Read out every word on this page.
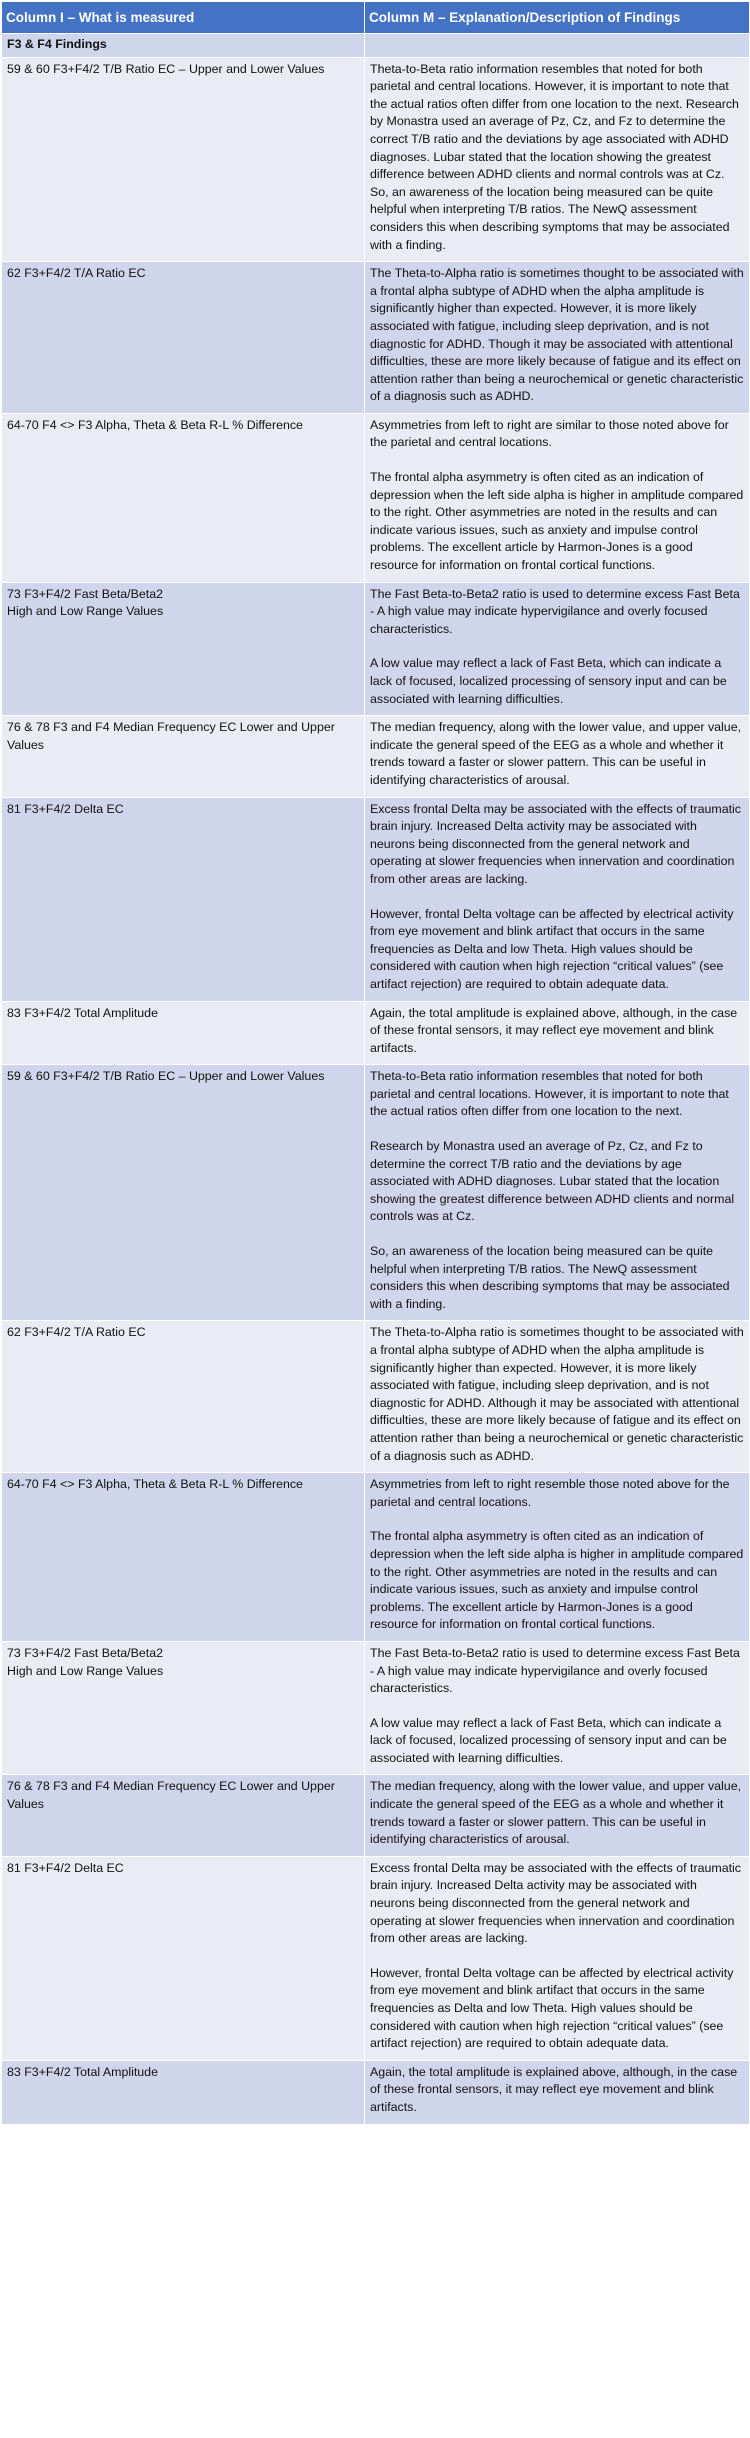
Column I – What is measured	Column M – Explanation/Description of Findings
F3 & F4 Findings	
59 & 60 F3+F4/2 T/B Ratio EC – Upper and Lower Values	Theta-to-Beta ratio information resembles that noted for both parietal and central locations. However, it is important to note that the actual ratios often differ from one location to the next. Research by Monastra used an average of Pz, Cz, and Fz to determine the correct T/B ratio and the deviations by age associated with ADHD diagnoses. Lubar stated that the location showing the greatest difference between ADHD clients and normal controls was at Cz. So, an awareness of the location being measured can be quite helpful when interpreting T/B ratios. The NewQ assessment considers this when describing symptoms that may be associated with a finding.

62 F3+F4/2 T/A Ratio EC	The Theta-to-Alpha ratio is sometimes thought to be associated with a frontal alpha subtype of ADHD when the alpha amplitude is significantly higher than expected. However, it is more likely associated with fatigue, including sleep deprivation, and is not diagnostic for ADHD. Though it may be associated with attentional difficulties, these are more likely because of fatigue and its effect on attention rather than being a neurochemical or genetic characteristic of a diagnosis such as ADHD.

64-70 F4 <> F3 Alpha, Theta & Beta R-L % Difference	Asymmetries from left to right are similar to those noted above for the parietal and central locations.
The frontal alpha asymmetry is often cited as an indication of depression when the left side alpha is higher in amplitude compared to the right. Other asymmetries are noted in the results and can indicate various issues, such as anxiety and impulse control problems. The excellent article by Harmon-Jones is a good resource for information on frontal cortical functions.

73 F3+F4/2 Fast Beta/Beta2
High and Low Range Values	The Fast Beta-to-Beta2 ratio is used to determine excess Fast Beta - A high value may indicate hypervigilance and overly focused characteristics.
A low value may reflect a lack of Fast Beta, which can indicate a lack of focused, localized processing of sensory input and can be associated with learning difficulties.

76 & 78 F3 and F4 Median Frequency EC Lower and Upper Values	The median frequency, along with the lower value, and upper value, indicate the general speed of the EEG as a whole and whether it trends toward a faster or slower pattern. This can be useful in identifying characteristics of arousal.

81 F3+F4/2 Delta EC	Excess frontal Delta may be associated with the effects of traumatic brain injury. Increased Delta activity may be associated with neurons being disconnected from the general network and operating at slower frequencies when innervation and coordination from other areas are lacking.
However, frontal Delta voltage can be affected by electrical activity from eye movement and blink artifact that occurs in the same frequencies as Delta and low Theta. High values should be considered with caution when high rejection “critical values” (see artifact rejection) are required to obtain adequate data.

83 F3+F4/2 Total Amplitude	Again, the total amplitude is explained above, although, in the case of these frontal sensors, it may reflect eye movement and blink artifacts.

59 & 60 F3+F4/2 T/B Ratio EC – Upper and Lower Values	Theta-to-Beta ratio information resembles that noted for both parietal and central locations. However, it is important to note that the actual ratios often differ from one location to the next.
Research by Monastra used an average of Pz, Cz, and Fz to determine the correct T/B ratio and the deviations by age associated with ADHD diagnoses. Lubar stated that the location showing the greatest difference between ADHD clients and normal controls was at Cz.
So, an awareness of the location being measured can be quite helpful when interpreting T/B ratios. The NewQ assessment considers this when describing symptoms that may be associated with a finding.

62 F3+F4/2 T/A Ratio EC	The Theta-to-Alpha ratio is sometimes thought to be associated with a frontal alpha subtype of ADHD when the alpha amplitude is significantly higher than expected. However, it is more likely associated with fatigue, including sleep deprivation, and is not diagnostic for ADHD. Although it may be associated with attentional difficulties, these are more likely because of fatigue and its effect on attention rather than being a neurochemical or genetic characteristic of a diagnosis such as ADHD.

64-70 F4 <> F3 Alpha, Theta & Beta R-L % Difference	Asymmetries from left to right resemble those noted above for the parietal and central locations.
The frontal alpha asymmetry is often cited as an indication of depression when the left side alpha is higher in amplitude compared to the right. Other asymmetries are noted in the results and can indicate various issues, such as anxiety and impulse control problems. The excellent article by Harmon-Jones is a good resource for information on frontal cortical functions.

73 F3+F4/2 Fast Beta/Beta2
High and Low Range Values	The Fast Beta-to-Beta2 ratio is used to determine excess Fast Beta - A high value may indicate hypervigilance and overly focused characteristics.
A low value may reflect a lack of Fast Beta, which can indicate a lack of focused, localized processing of sensory input and can be associated with learning difficulties.

76 & 78 F3 and F4 Median Frequency EC Lower and Upper Values	The median frequency, along with the lower value, and upper value, indicate the general speed of the EEG as a whole and whether it trends toward a faster or slower pattern. This can be useful in identifying characteristics of arousal.

81 F3+F4/2 Delta EC	Excess frontal Delta may be associated with the effects of traumatic brain injury. Increased Delta activity may be associated with neurons being disconnected from the general network and operating at slower frequencies when innervation and coordination from other areas are lacking.
However, frontal Delta voltage can be affected by electrical activity from eye movement and blink artifact that occurs in the same frequencies as Delta and low Theta. High values should be considered with caution when high rejection “critical values” (see artifact rejection) are required to obtain adequate data.

83 F3+F4/2 Total Amplitude	Again, the total amplitude is explained above, although, in the case of these frontal sensors, it may reflect eye movement and blink artifacts.
